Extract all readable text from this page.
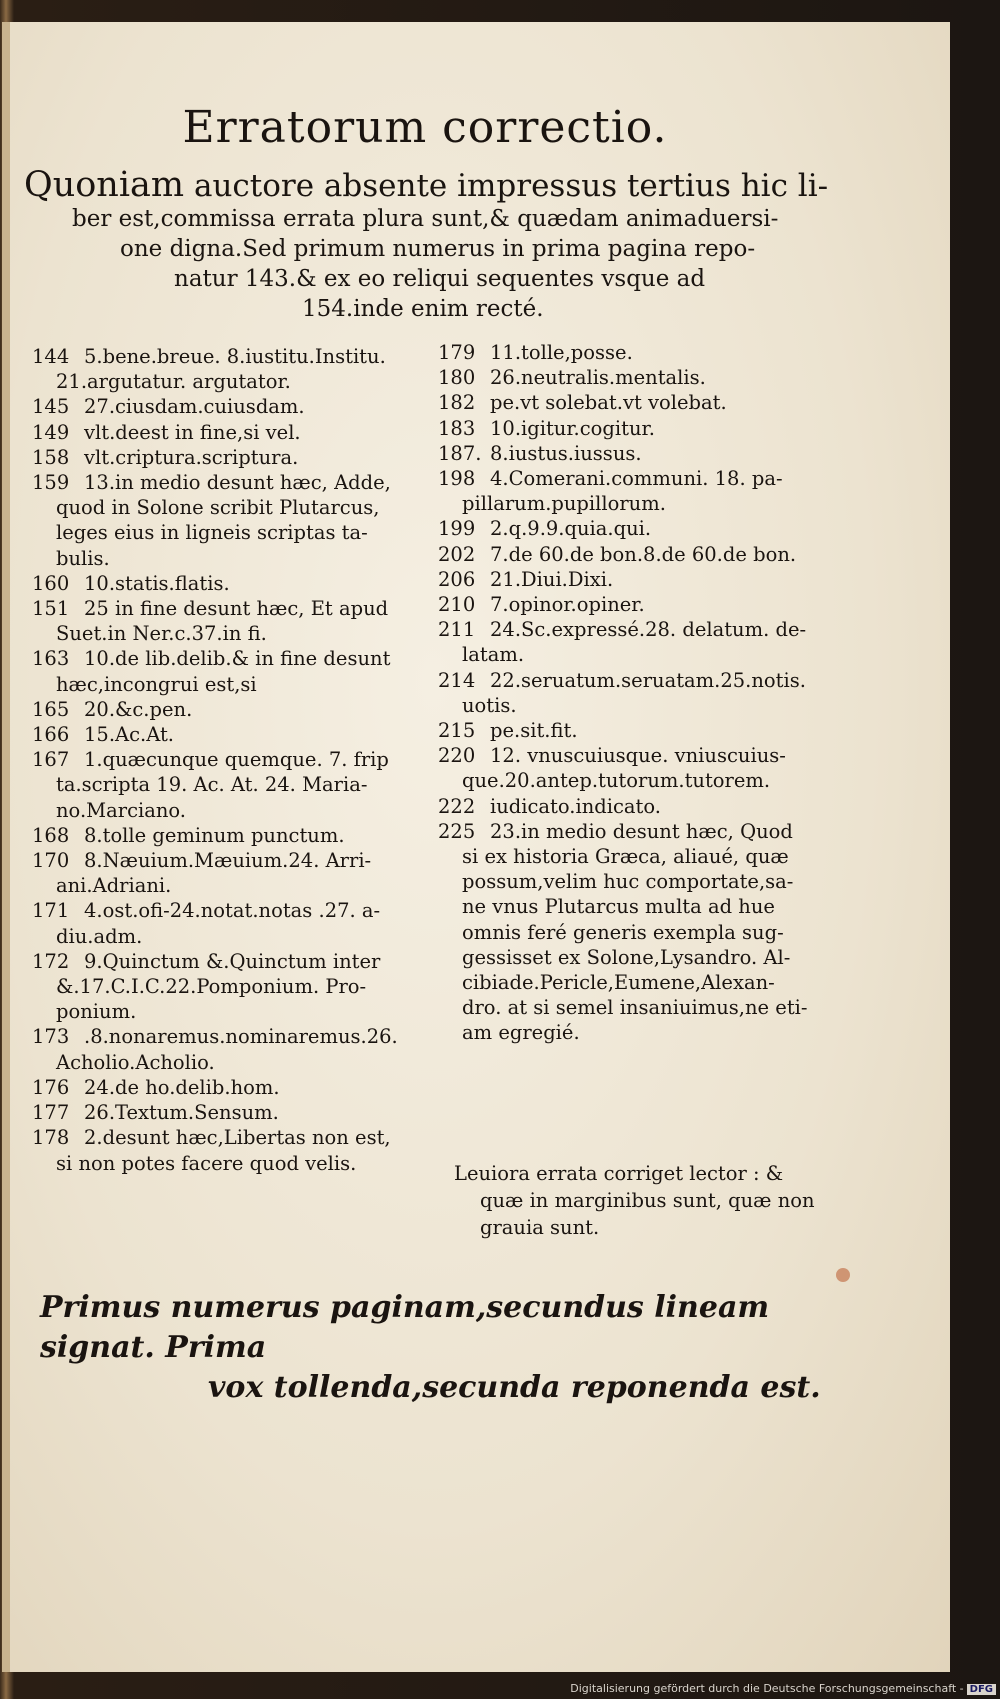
Erratorum correctio.
Quoniam auctore absente impressus tertius hic li-
ber est,commissa errata plura sunt,& quædam animaduersi-
one digna.Sed primum numerus in prima pagina repo-
natur 143.& ex eo reliqui sequentes vsque ad
154.inde enim recté.
144 5.bene.breue. 8.iustitu.Institu.
21.argutatur. argutator.
145 27.ciusdam.cuiusdam.
149 vlt.deest in fine,si vel.
158 vlt.criptura.scriptura.
159 13.in medio desunt hæc, Adde,
quod in Solone scribit Plutarcus,
leges eius in ligneis scriptas ta-
bulis.
160 10.statis.flatis.
151 25 in fine desunt hæc, Et apud
Suet.in Ner.c.37.in fi.
163 10.de lib.delib.& in fine desunt
hæc,incongrui est,si
165 20.&c.pen.
166 15.Ac.At.
167 1.quæcunque quemque. 7. frip
ta.scripta 19. Ac. At. 24. Maria-
no.Marciano.
168 8.tolle geminum punctum.
170 8.Næuium.Mæuium.24. Arri-
ani.Adriani.
171 4.ost.ofi-24.notat.notas .27. a-
diu.adm.
172 9.Quinctum &.Quinctum inter
&.17.C.I.C.22.Pomponium. Pro-
ponium.
173 .8.nonaremus.nominaremus.26.
Acholio.Acholio.
176 24.de ho.delib.hom.
177 26.Textum.Sensum.
178 2.desunt hæc,Libertas non est,
si non potes facere quod velis.
179 11.tolle,posse.
180 26.neutralis.mentalis.
182 pe.vt solebat.vt volebat.
183 10.igitur.cogitur.
187. 8.iustus.iussus.
198 4.Comerani.communi. 18. pa-
pillarum.pupillorum.
199 2.q.9.9.quia.qui.
202 7.de 60.de bon.8.de 60.de bon.
206 21.Diui.Dixi.
210 7.opinor.opiner.
211 24.Sc.expressé.28. delatum. de-
latam.
214 22.seruatum.seruatam.25.notis.
uotis.
215 pe.sit.fit.
220 12. vnuscuiusque. vniuscuius-
que.20.antep.tutorum.tutorem.
222 iudicato.indicato.
225 23.in medio desunt hæc, Quod
si ex historia Græca, aliaué, quæ
possum,velim huc comportate,sa-
ne vnus Plutarcus multa ad hue
omnis feré generis exempla sug-
gessisset ex Solone,Lysandro. Al-
cibiade.Pericle,Eumene,Alexan-
dro. at si semel insaniuimus,ne eti-
am egregié.
Leuiora errata corriget lector : &
quæ in marginibus sunt, quæ non
grauia sunt.
Primus numerus paginam,secundus lineam signat. Prima
vox tollenda,secunda reponenda est.
Digitalisierung gefördert durch die Deutsche Forschungsgemeinschaft - DFG
